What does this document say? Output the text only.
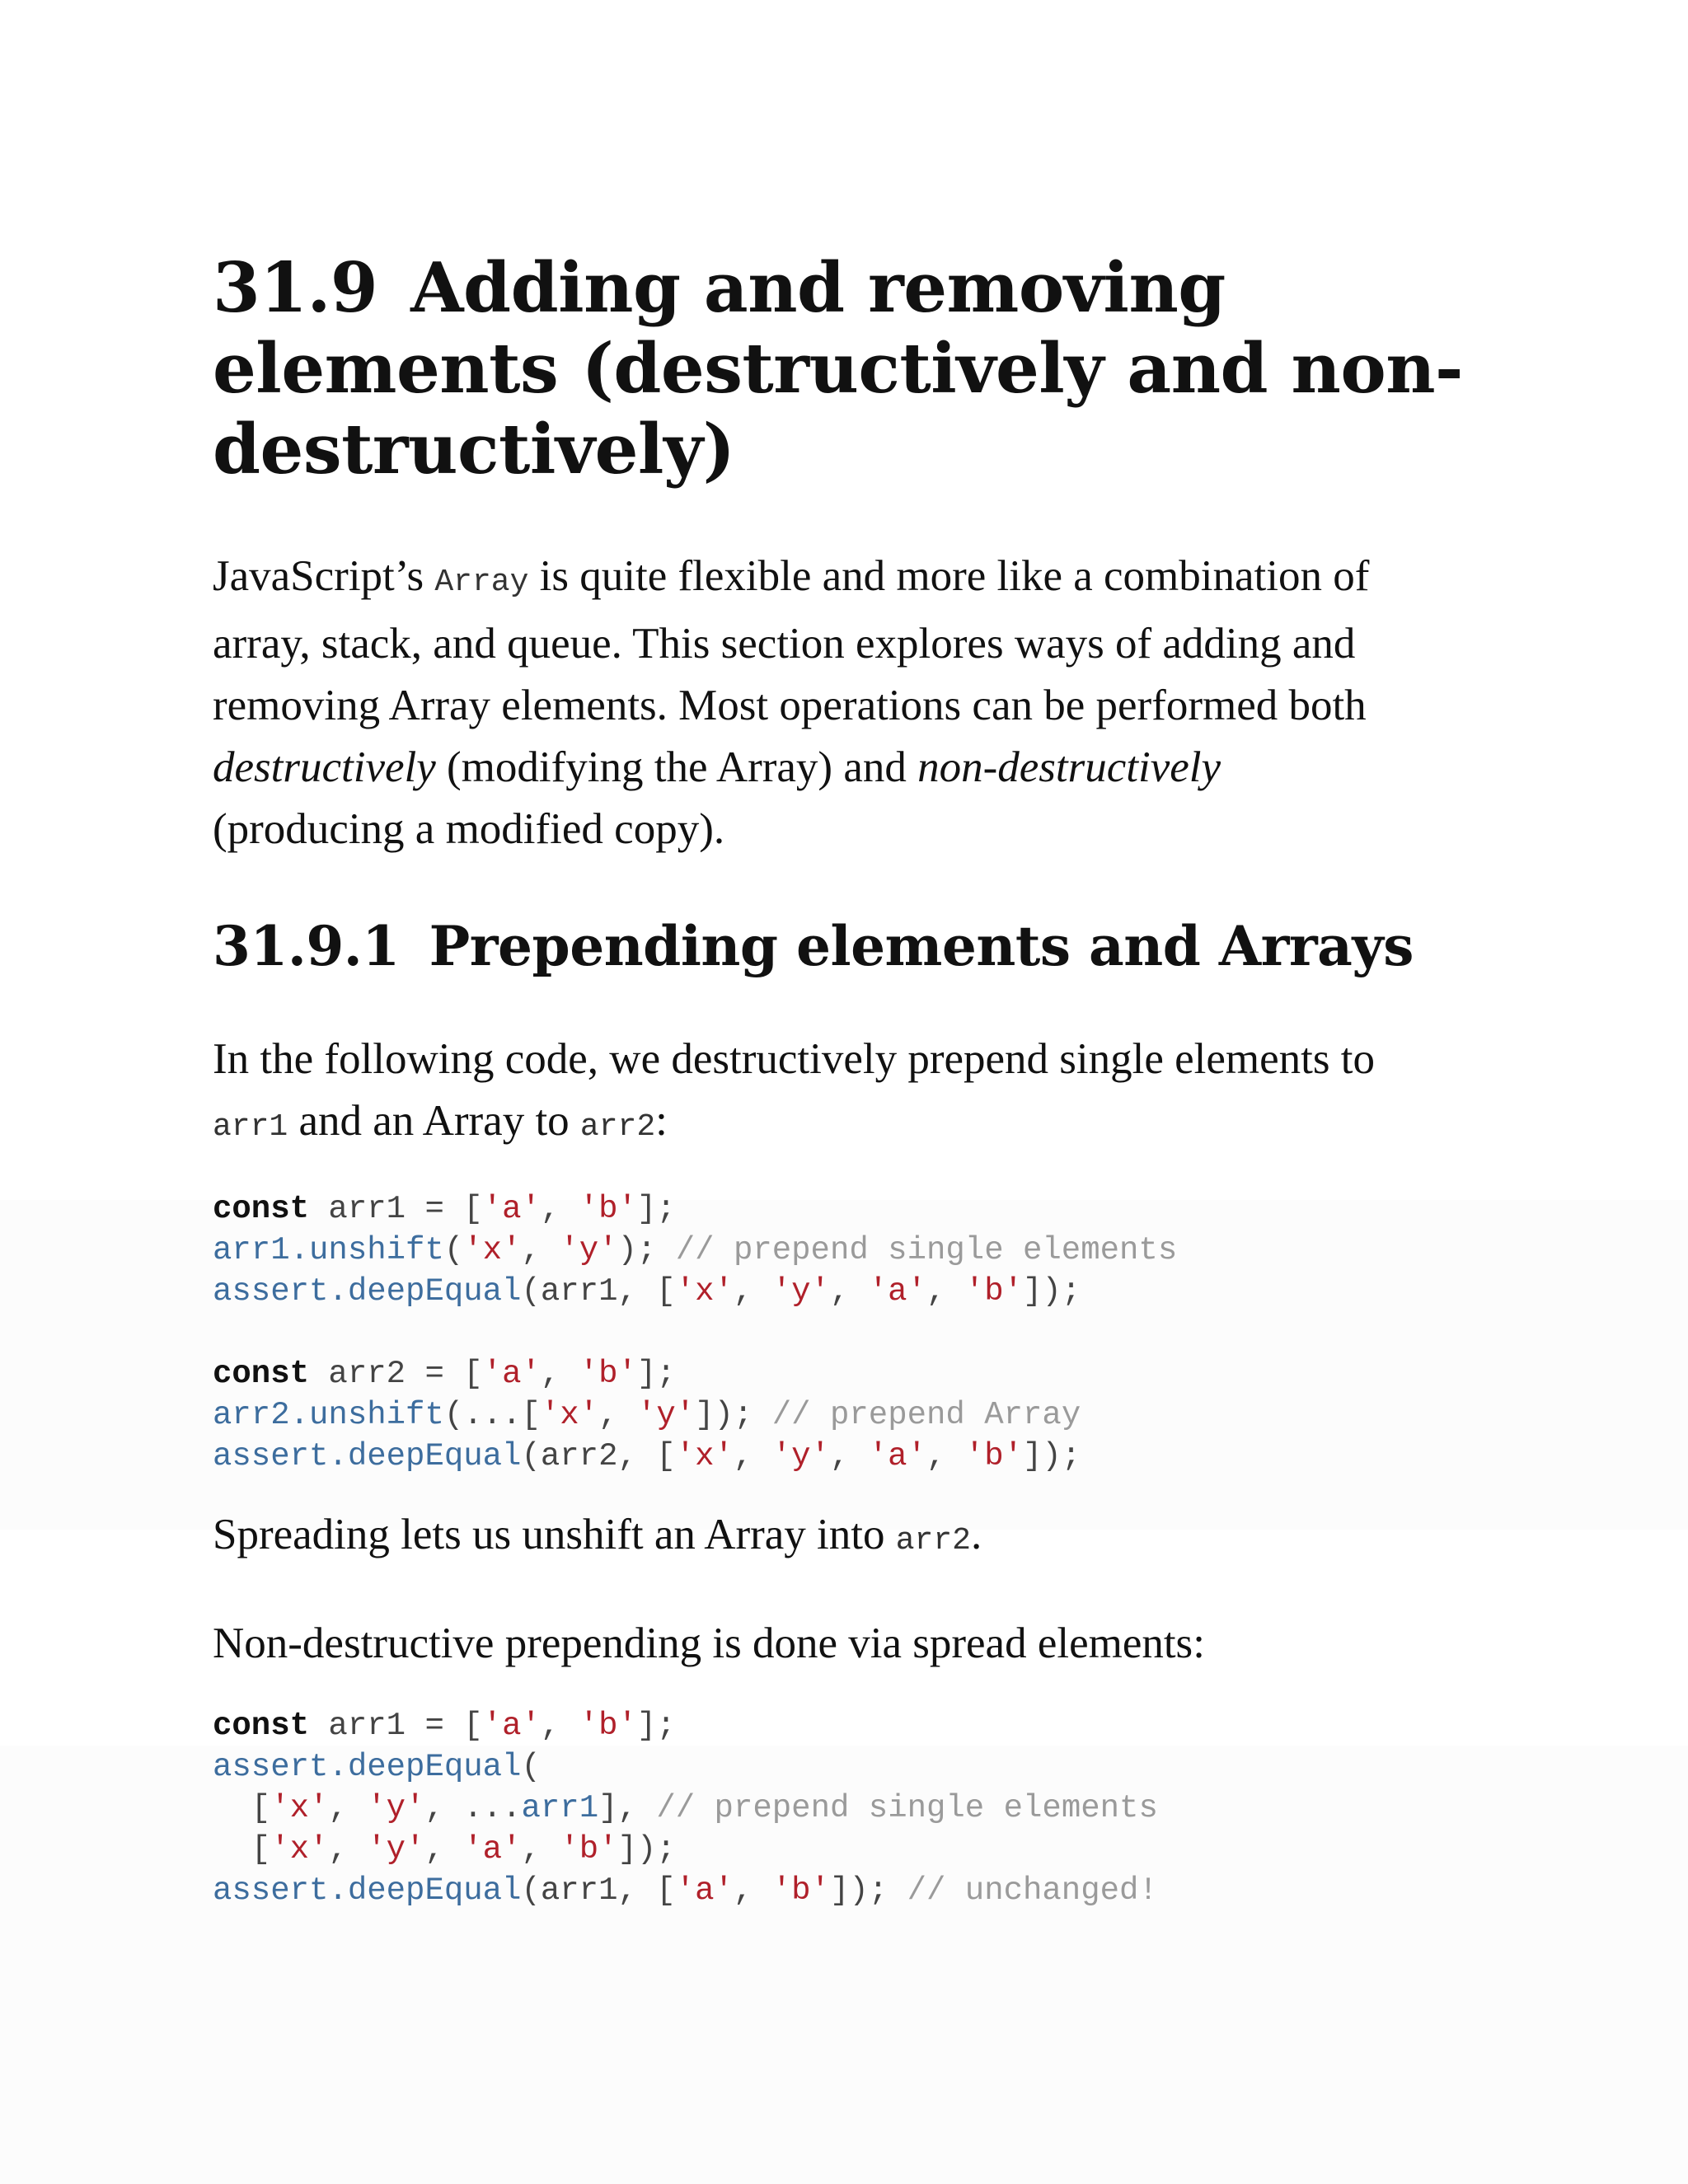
31.9 Adding and removing
elements (destructively and non-
destructively)

JavaScript’s Array is quite flexible and more like a combination of

array, stack, and queue. This section explores ways of adding and

removing Array elements. Most operations can be performed both

destructively (modifying the Array) and non-destructively

(producing a modified copy).

31.9.1 Prepending elements and Arrays

In the following code, we destructively prepend single elements to

arr1 and an Array to arr2:

const arr1 = ['a', 'b'];
arr1.unshift('x', 'y'); // prepend single elements
assert.deepEqual(arr1, ['x', 'y', 'a', 'b']);
const arr2 = ['a', 'b'];
arr2.unshift(...['x', 'y']); // prepend Array
assert.deepEqual(arr2, ['x', 'y', 'a', 'b']);

Spreading lets us unshift an Array into arr2.

Non-destructive prepending is done via spread elements:

const arr1 = ['a', 'b'];
assert.deepEqual(
['x', 'y', ...arr1], // prepend single elements
['x', 'y', 'a', 'b']);
assert.deepEqual(arr1, ['a', 'b']); // unchanged!
